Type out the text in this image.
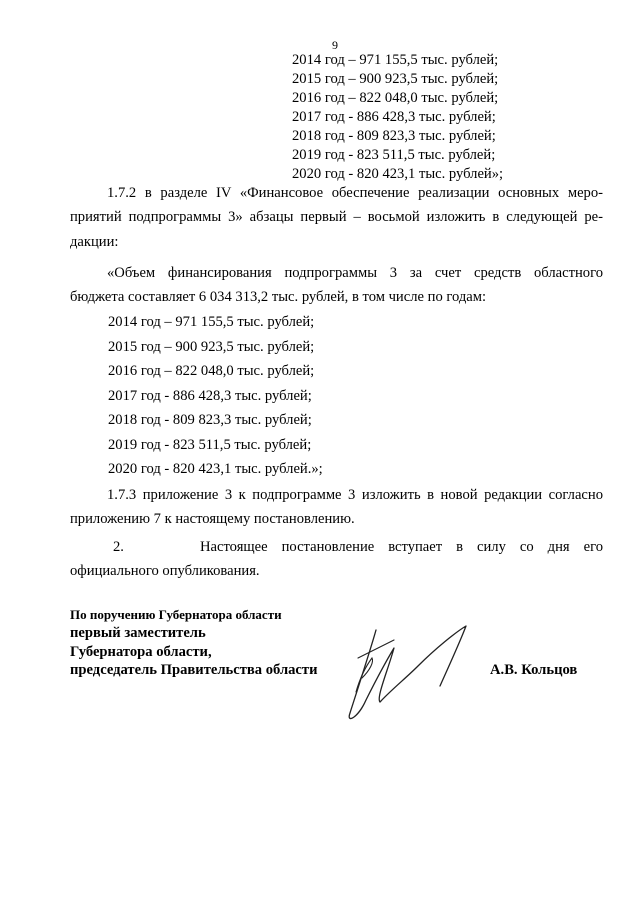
9
2014 год – 971 155,5 тыс. рублей;
2015 год – 900 923,5 тыс. рублей;
2016 год – 822 048,0 тыс. рублей;
2017 год - 886 428,3 тыс. рублей;
2018 год - 809 823,3 тыс. рублей;
2019 год - 823 511,5 тыс. рублей;
2020 год - 820 423,1 тыс. рублей»;
1.7.2 в разделе IV «Финансовое обеспечение реализации основных меро-
приятий подпрограммы 3» абзацы первый – восьмой изложить в следующей ре-
дакции:
«Объем финансирования подпрограммы 3 за счет средств областного
бюджета составляет 6 034 313,2 тыс. рублей, в том числе по годам:
2014 год – 971 155,5 тыс. рублей;
2015 год – 900 923,5 тыс. рублей;
2016 год – 822 048,0 тыс. рублей;
2017 год - 886 428,3 тыс. рублей;
2018 год - 809 823,3 тыс. рублей;
2019 год - 823 511,5 тыс. рублей;
2020 год - 820 423,1 тыс. рублей.»;
1.7.3 приложение 3 к подпрограмме 3 изложить в новой редакции согласно
приложению 7 к настоящему постановлению.
2.	Настоящее постановление вступает в силу со дня его
официального опубликования.
По поручению Губернатора области
первый заместитель
Губернатора области,
председатель Правительства области	А.В. Кольцов
